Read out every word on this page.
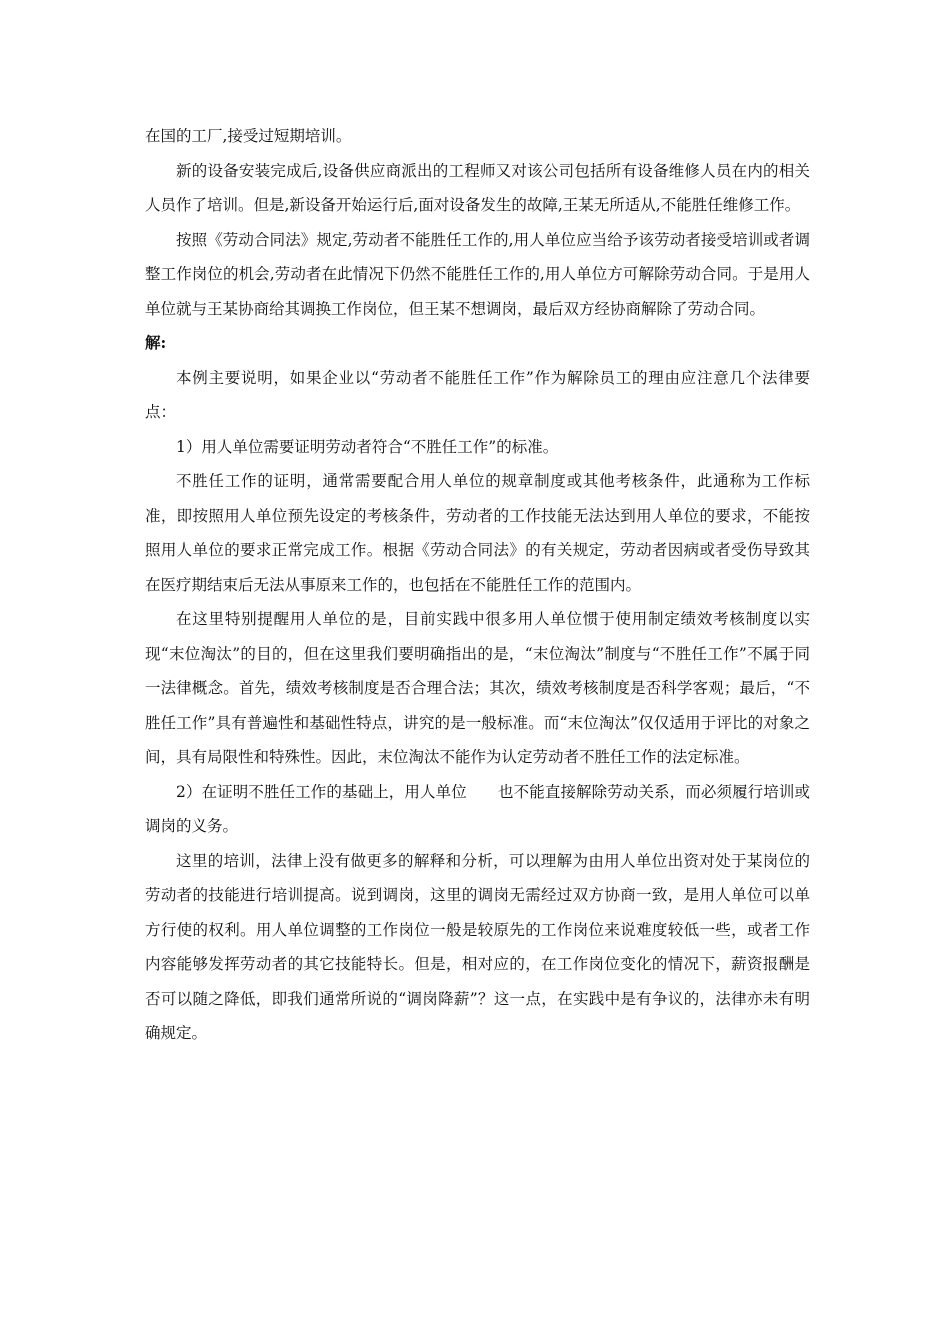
在国的工厂,接受过短期培训。

新的设备安装完成后,设备供应商派出的工程师又对该公司包括所有设备维修人员在内的相关人员作了培训。但是,新设备开始运行后,面对设备发生的故障,王某无所适从,不能胜任维修工作。

按照《劳动合同法》规定,劳动者不能胜任工作的,用人单位应当给予该劳动者接受培训或者调整工作岗位的机会,劳动者在此情况下仍然不能胜任工作的,用人单位方可解除劳动合同。于是用人单位就与王某协商给其调换工作岗位，但王某不想调岗，最后双方经协商解除了劳动合同。

解:

本例主要说明，如果企业以“劳动者不能胜任工作”作为解除员工的理由应注意几个法律要点：

1）用人单位需要证明劳动者符合“不胜任工作”的标准。

不胜任工作的证明，通常需要配合用人单位的规章制度或其他考核条件，此通称为工作标准，即按照用人单位预先设定的考核条件，劳动者的工作技能无法达到用人单位的要求，不能按照用人单位的要求正常完成工作。根据《劳动合同法》的有关规定，劳动者因病或者受伤导致其在医疗期结束后无法从事原来工作的，也包括在不能胜任工作的范围内。

在这里特别提醒用人单位的是，目前实践中很多用人单位惯于使用制定绩效考核制度以实现“末位淘汰”的目的，但在这里我们要明确指出的是，“末位淘汰”制度与“不胜任工作”不属于同一法律概念。首先，绩效考核制度是否合理合法；其次，绩效考核制度是否科学客观；最后，“不胜任工作”具有普遍性和基础性特点，讲究的是一般标准。而“末位淘汰”仅仅适用于评比的对象之间，具有局限性和特殊性。因此，末位淘汰不能作为认定劳动者不胜任工作的法定标准。

2）在证明不胜任工作的基础上，用人单位　　也不能直接解除劳动关系，而必须履行培训或调岗的义务。

这里的培训，法律上没有做更多的解释和分析，可以理解为由用人单位出资对处于某岗位的劳动者的技能进行培训提高。说到调岗，这里的调岗无需经过双方协商一致，是用人单位可以单方行使的权利。用人单位调整的工作岗位一般是较原先的工作岗位来说难度较低一些，或者工作内容能够发挥劳动者的其它技能特长。但是，相对应的，在工作岗位变化的情况下，薪资报酬是否可以随之降低，即我们通常所说的“调岗降薪”？这一点，在实践中是有争议的，法律亦未有明确规定。
